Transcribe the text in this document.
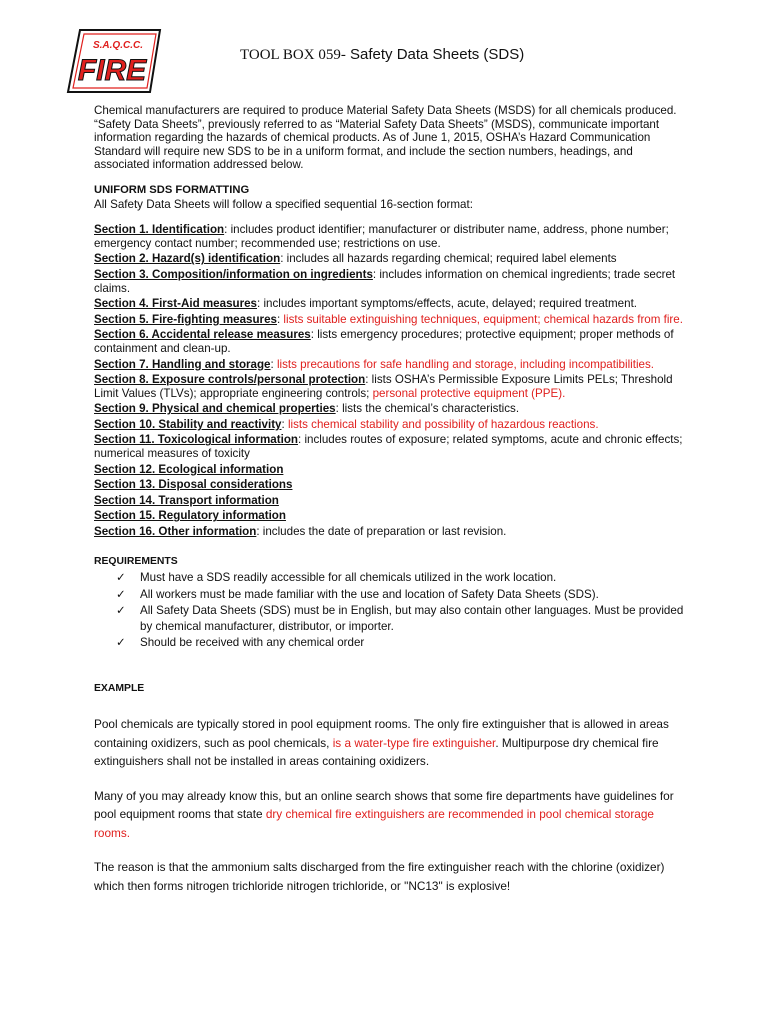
S.A.Q.C.C.
FIRE	TOOL BOX 059- Safety Data Sheets (SDS)

Chemical manufacturers are required to produce Material Safety Data Sheets (MSDS) for all chemicals produced. “Safety Data Sheets”, previously referred to as “Material Safety Data Sheets” (MSDS), communicate important information regarding the hazards of chemical products. As of June 1, 2015, OSHA’s Hazard Communication Standard will require new SDS to be in a uniform format, and include the section numbers, headings, and associated information addressed below.

UNIFORM SDS FORMATTING
All Safety Data Sheets will follow a specified sequential 16-section format:
Section 1. Identification: includes product identifier; manufacturer or distributer name, address, phone number; emergency contact number; recommended use; restrictions on use.
Section 2. Hazard(s) identification: includes all hazards regarding chemical; required label elements
Section 3. Composition/information on ingredients: includes information on chemical ingredients; trade secret claims.
Section 4. First-Aid measures: includes important symptoms/effects, acute, delayed; required treatment.
Section 5. Fire-fighting measures: lists suitable extinguishing techniques, equipment; chemical hazards from fire.
Section 6. Accidental release measures: lists emergency procedures; protective equipment; proper methods of containment and clean-up.
Section 7. Handling and storage: lists precautions for safe handling and storage, including incompatibilities.
Section 8. Exposure controls/personal protection: lists OSHA’s Permissible Exposure Limits PELs; Threshold Limit Values (TLVs); appropriate engineering controls; personal protective equipment (PPE).
Section 9. Physical and chemical properties: lists the chemical’s characteristics.
Section 10. Stability and reactivity: lists chemical stability and possibility of hazardous reactions.
Section 11. Toxicological information: includes routes of exposure; related symptoms, acute and chronic effects; numerical measures of toxicity
Section 12. Ecological information
Section 13. Disposal considerations
Section 14. Transport information
Section 15. Regulatory information
Section 16. Other information: includes the date of preparation or last revision.
REQUIREMENTS
✓ Must have a SDS readily accessible for all chemicals utilized in the work location.
✓ All workers must be made familiar with the use and location of Safety Data Sheets (SDS).
✓ All Safety Data Sheets (SDS) must be in English, but may also contain other languages. Must be provided by chemical manufacturer, distributor, or importer.
✓ Should be received with any chemical order
EXAMPLE
Pool chemicals are typically stored in pool equipment rooms. The only fire extinguisher that is allowed in areas containing oxidizers, such as pool chemicals, is a water-type fire extinguisher. Multipurpose dry chemical fire extinguishers shall not be installed in areas containing oxidizers.
Many of you may already know this, but an online search shows that some fire departments have guidelines for pool equipment rooms that state dry chemical fire extinguishers are recommended in pool chemical storage rooms.
The reason is that the ammonium salts discharged from the fire extinguisher reach with the chlorine (oxidizer) which then forms nitrogen trichloride nitrogen trichloride, or "NC13" is explosive!
